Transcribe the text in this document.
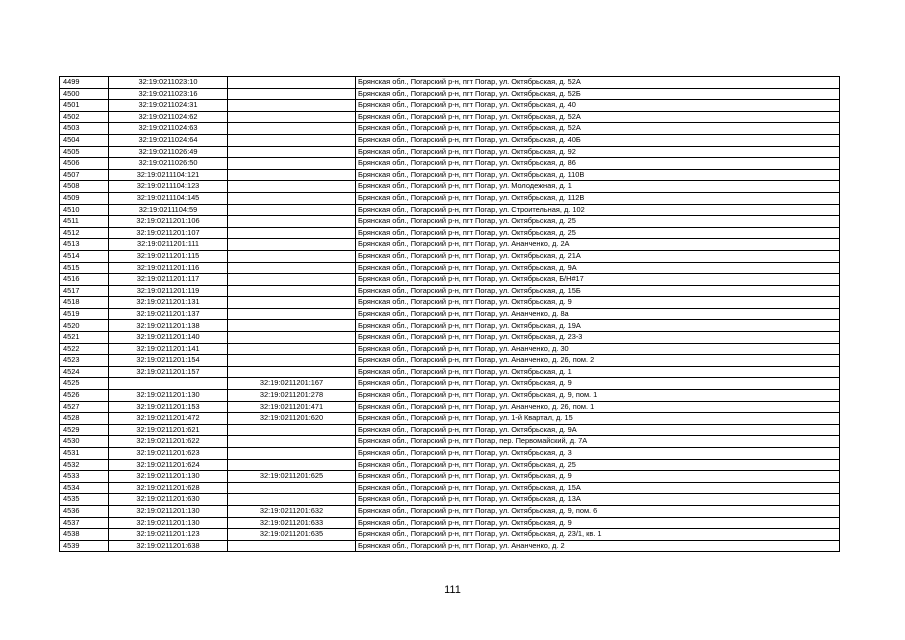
4499	32:19:0211023:10		Брянская обл., Погарский р-н, пгт Погар, ул. Октябрьская, д. 52А
4500	32:19:0211023:16		Брянская обл., Погарский р-н, пгт Погар, ул. Октябрьская, д. 52Б
4501	32:19:0211024:31		Брянская обл., Погарский р-н, пгт Погар, ул. Октябрьская, д. 40
4502	32:19:0211024:62		Брянская обл., Погарский р-н, пгт Погар, ул. Октябрьская, д. 52А
4503	32:19:0211024:63		Брянская обл., Погарский р-н, пгт Погар, ул. Октябрьская, д. 52А
4504	32:19:0211024:64		Брянская обл., Погарский р-н, пгт Погар, ул. Октябрьская, д. 40Б
4505	32:19:0211026:49		Брянская обл., Погарский р-н, пгт Погар, ул. Октябрьская, д. 92
4506	32:19:0211026:50		Брянская обл., Погарский р-н, пгт Погар, ул. Октябрьская, д. 86
4507	32:19:0211104:121		Брянская обл., Погарский р-н, пгт Погар, ул. Октябрьская, д. 110В
4508	32:19:0211104:123		Брянская обл., Погарский р-н, пгт Погар, ул. Молодежная, д. 1
4509	32:19:0211104:145		Брянская обл., Погарский р-н, пгт Погар, ул. Октябрьская, д. 112В
4510	32:19:0211104:59		Брянская обл., Погарский р-н, пгт Погар, ул. Строительная, д. 102
4511	32:19:0211201:106		Брянская обл., Погарский р-н, пгт Погар, ул. Октябрьская, д. 25
4512	32:19:0211201:107		Брянская обл., Погарский р-н, пгт Погар, ул. Октябрьская, д. 25
4513	32:19:0211201:111		Брянская обл., Погарский р-н, пгт Погар, ул. Ананченко, д. 2А
4514	32:19:0211201:115		Брянская обл., Погарский р-н, пгт Погар, ул. Октябрьская, д. 21А
4515	32:19:0211201:116		Брянская обл., Погарский р-н, пгт Погар, ул. Октябрьская, д. 9А
4516	32:19:0211201:117		Брянская обл., Погарский р-н, пгт Погар, ул. Октябрьская, Б/Н#17
4517	32:19:0211201:119		Брянская обл., Погарский р-н, пгт Погар, ул. Октябрьская, д. 15Б
4518	32:19:0211201:131		Брянская обл., Погарский р-н, пгт Погар, ул. Октябрьская, д. 9
4519	32:19:0211201:137		Брянская обл., Погарский р-н, пгт Погар, ул. Ананченко, д. 8а
4520	32:19:0211201:138		Брянская обл., Погарский р-н, пгт Погар, ул. Октябрьская, д. 19А
4521	32:19:0211201:140		Брянская обл., Погарский р-н, пгт Погар, ул. Октябрьская, д. 23-3
4522	32:19:0211201:141		Брянская обл., Погарский р-н, пгт Погар, ул. Ананченко, д. 30
4523	32:19:0211201:154		Брянская обл., Погарский р-н, пгт Погар, ул. Ананченко, д. 26, пом. 2
4524	32:19:0211201:157		Брянская обл., Погарский р-н, пгт Погар, ул. Октябрьская, д. 1
4525		32:19:0211201:167	Брянская обл., Погарский р-н, пгт Погар, ул. Октябрьская, д. 9
4526	32:19:0211201:130	32:19:0211201:278	Брянская обл., Погарский р-н, пгт Погар, ул. Октябрьская, д. 9, пом. 1
4527	32:19:0211201:153	32:19:0211201:471	Брянская обл., Погарский р-н, пгт Погар, ул. Ананченко, д. 26, пом. 1
4528	32:19:0211201:472	32:19:0211201:620	Брянская обл., Погарский р-н, пгт Погар, ул. 1-й Квартал, д. 15
4529	32:19:0211201:621		Брянская обл., Погарский р-н, пгт Погар, ул. Октябрьская, д. 9А
4530	32:19:0211201:622		Брянская обл., Погарский р-н, пгт Погар, пер. Первомайский, д. 7А
4531	32:19:0211201:623		Брянская обл., Погарский р-н, пгт Погар, ул. Октябрьская, д. 3
4532	32:19:0211201:624		Брянская обл., Погарский р-н, пгт Погар, ул. Октябрьская, д. 25
4533	32:19:0211201:130	32:19:0211201:625	Брянская обл., Погарский р-н, пгт Погар, ул. Октябрьская, д. 9
4534	32:19:0211201:628		Брянская обл., Погарский р-н, пгт Погар, ул. Октябрьская, д. 15А
4535	32:19:0211201:630		Брянская обл., Погарский р-н, пгт Погар, ул. Октябрьская, д. 13А
4536	32:19:0211201:130	32:19:0211201:632	Брянская обл., Погарский р-н, пгт Погар, ул. Октябрьская, д. 9, пом. 6
4537	32:19:0211201:130	32:19:0211201:633	Брянская обл., Погарский р-н, пгт Погар, ул. Октябрьская, д. 9
4538	32:19:0211201:123	32:19:0211201:635	Брянская обл., Погарский р-н, пгт Погар, ул. Октябрьская, д. 23/1, кв. 1
4539	32:19:0211201:638		Брянская обл., Погарский р-н, пгт Погар, ул. Ананченко, д. 2
111
